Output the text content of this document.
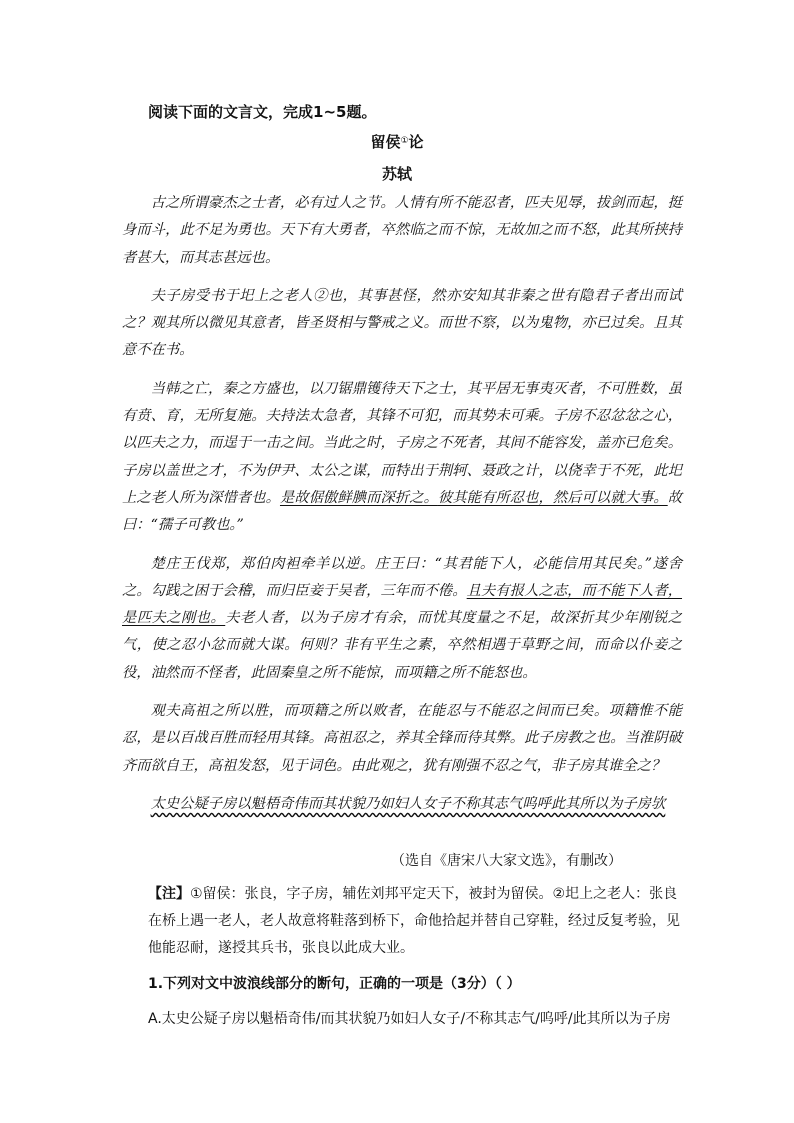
阅读下面的文言文，完成1~5题。
留侯①论
苏轼

古之所谓豪杰之士者，必有过人之节。人情有所不能忍者，匹夫见辱，拔剑而起，挺身而斗，此不足为勇也。天下有大勇者，卒然临之而不惊，无故加之而不怒，此其所挟持者甚大，而其志甚远也。

夫子房受书于圯上之老人②也，其事甚怪，然亦安知其非秦之世有隐君子者出而试之？观其所以微见其意者，皆圣贤相与警戒之义。而世不察，以为鬼物，亦已过矣。且其意不在书。

当韩之亡，秦之方盛也，以刀锯鼎镬待天下之士，其平居无事夷灭者，不可胜数，虽有贲、育，无所复施。夫持法太急者，其锋不可犯，而其势未可乘。子房不忍忿忿之心，以匹夫之力，而逞于一击之间。当此之时，子房之不死者，其间不能容发，盖亦已危矣。子房以盖世之才，不为伊尹、太公之谋，而特出于荆轲、聂政之计，以侥幸于不死，此圯上之老人所为深惜者也。是故倨傲鲜腆而深折之。彼其能有所忍也，然后可以就大事。故曰：“孺子可教也。”

楚庄王伐郑，郑伯肉袒牵羊以逆。庄王曰：“其君能下人，必能信用其民矣。”遂舍之。勾践之困于会稽，而归臣妾于吴者，三年而不倦。且夫有报人之志，而不能下人者，是匹夫之刚也。夫老人者，以为子房才有余，而忧其度量之不足，故深折其少年刚锐之气，使之忍小忿而就大谋。何则？非有平生之素，卒然相遇于草野之间，而命以仆妾之役，油然而不怪者，此固秦皇之所不能惊，而项籍之所不能怒也。

观夫高祖之所以胜，而项籍之所以败者，在能忍与不能忍之间而已矣。项籍惟不能忍，是以百战百胜而轻用其锋。高祖忍之，养其全锋而待其弊。此子房教之也。当淮阴破齐而欲自王，高祖发怒，见于词色。由此观之，犹有刚强不忍之气，非子房其谁全之？

太史公疑子房以魁梧奇伟而其状貌乃如妇人女子不称其志气呜呼此其所以为子房欤

（选自《唐宋八大家文选》，有删改）
【注】①留侯：张良，字子房，辅佐刘邦平定天下，被封为留侯。②圯上之老人：张良在桥上遇一老人，老人故意将鞋落到桥下，命他拾起并替自己穿鞋，经过反复考验，见他能忍耐，遂授其兵书，张良以此成大业。
1.下列对文中波浪线部分的断句，正确的一项是（3分）（ ）
A.太史公疑子房以魁梧奇伟/而其状貌乃如妇人女子/不称其志气/呜呼/此其所以为子房
